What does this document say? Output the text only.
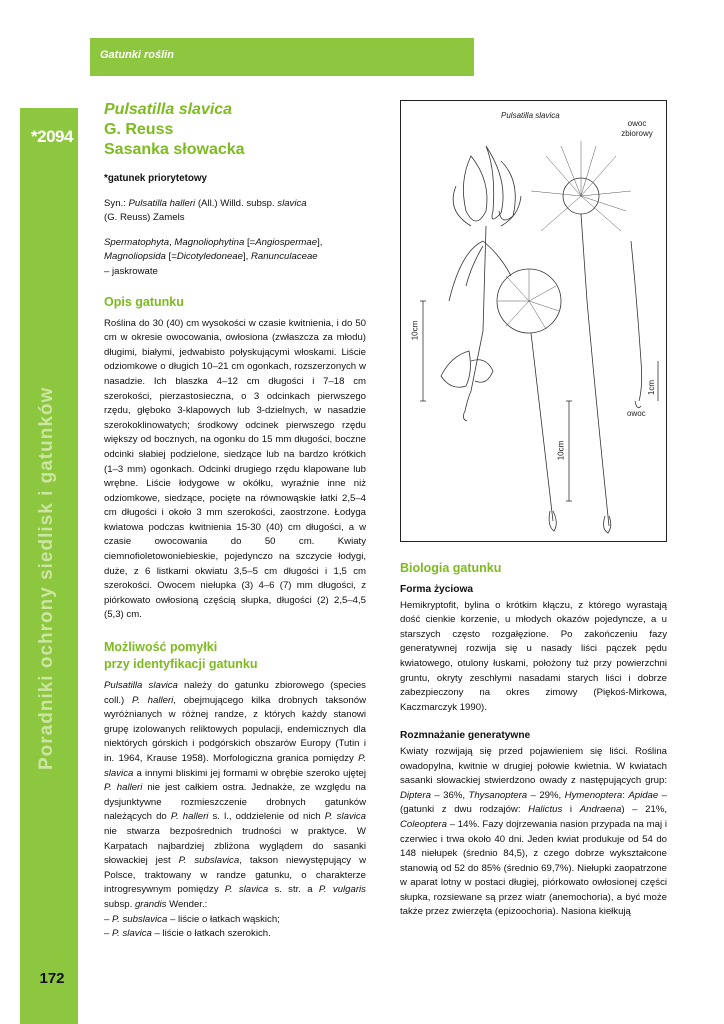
*2094
Poradniki ochrony siedlisk i gatunków
172
Gatunki roślin
Pulsatilla slavica
G. Reuss
Sasanka słowacka
*gatunek priorytetowy

Syn.: Pulsatilla halleri (All.) Willd. subsp. slavica
(G. Reuss) Zamels

Spermatophyta, Magnoliophytina [=Angiospermae],
Magnoliopsida [=Dicotyledoneae], Ranunculaceae
– jaskrowate

Opis gatunku

Roślina do 30 (40) cm wysokości w czasie kwitnienia, i do 50 cm w okresie owocowania, owłosiona (zwłaszcza za młodu) długimi, białymi, jedwabisto połyskującymi włoskami. Liście odziomkowe o długich 10–21 cm ogonkach, rozszerzonych w nasadzie. Ich blaszka 4–12 cm długości i 7–18 cm szerokości, pierzastosieczna, o 3 odcinkach pierwszego rzędu, głęboko 3-klapowych lub 3-dzielnych, w nasadzie szerokoklinowatych; środkowy odcinek pierwszego rzędu większy od bocznych, na ogonku do 15 mm długości, boczne odcinki słabiej podzielone, siedzące lub na bardzo krótkich (1–3 mm) ogonkach. Odcinki drugiego rzędu klapowane lub wrębne. Liście łodygowe w okółku, wyraźnie inne niż odziomkowe, siedzące, pocięte na równowąskie łatki 2,5–4 cm długości i około 3 mm szerokości, zaostrzone. Łodyga kwiatowa podczas kwitnienia 15-30 (40) cm długości, a w czasie owocowania do 50 cm. Kwiaty ciemnofioletowoniebieskie, pojedynczo na szczycie łodygi, duże, z 6 listkami okwiatu 3,5–5 cm długości i 1,5 cm szerokości. Owocem niełupka (3) 4–6 (7) mm długości, z piórkowato owłosioną częścią słupka, długości (2) 2,5–4,5 (5,3) cm.

Możliwość pomyłki
przy identyfikacji gatunku

Pulsatilla slavica należy do gatunku zbiorowego (species coll.) P. halleri, obejmującego kilka drobnych taksonów wyróżnianych w różnej randze, z których każdy stanowi grupę izolowanych reliktowych populacji, endemicznych dla niektórych górskich i podgórskich obszarów Europy (Tutin i in. 1964, Krause 1958). Morfologiczna granica pomiędzy P. slavica a innymi bliskimi jej formami w obrębie szeroko ujętej P. halleri nie jest całkiem ostra. Jednakże, ze względu na dysjunktywne rozmieszczenie drobnych gatunków należących do P. halleri s. l., oddzielenie od nich P. slavica nie stwarza bezpośrednich trudności w praktyce. W Karpatach najbardziej zbliżona wyglądem do sasanki słowackiej jest P. subslavica, takson niewystępujący w Polsce, traktowany w randze gatunku, o charakterze introgresywnym pomiędzy P. slavica s. str. a P. vulgaris subsp. grandis Wender.:

– P. subslavica – liście o łatkach wąskich;

– P. slavica – liście o łatkach szerokich.

Pulsatilla slavica
owoc zbiorowy
owoc
10cm
10cm
1cm
Biologia gatunku
Forma życiowa

Hemikryptofit, bylina o krótkim kłączu, z którego wyrastają dość cienkie korzenie, u młodych okazów pojedyncze, a u starszych często rozgałęzione. Po zakończeniu fazy generatywnej rozwija się u nasady liści pączek pędu kwiatowego, otulony łuskami, położony tuż przy powierzchni gruntu, okryty zeschłymi nasadami starych liści i dobrze zabezpieczony na okres zimowy (Piękoś-Mirkowa, Kaczmarczyk 1990).

Rozmnażanie generatywne

Kwiaty rozwijają się przed pojawieniem się liści. Roślina owadopylna, kwitnie w drugiej połowie kwietnia. W kwiatach sasanki słowackiej stwierdzono owady z następujących grup: Diptera – 36%, Thysanoptera – 29%, Hymenoptera: Apidae – (gatunki z dwu rodzajów: Halictus i Andraena) – 21%, Coleoptera – 14%. Fazy dojrzewania nasion przypada na maj i czerwiec i trwa około 40 dni. Jeden kwiat produkuje od 54 do 148 niełupek (średnio 84,5), z czego dobrze wykształcone stanowią od 52 do 85% (średnio 69,7%). Niełupki zaopatrzone w aparat lotny w postaci długiej, piórkowato owłosionej części słupka, rozsiewane są przez wiatr (anemochoria), a być może także przez zwierzęta (epizoochoria). Nasiona kiełkują
